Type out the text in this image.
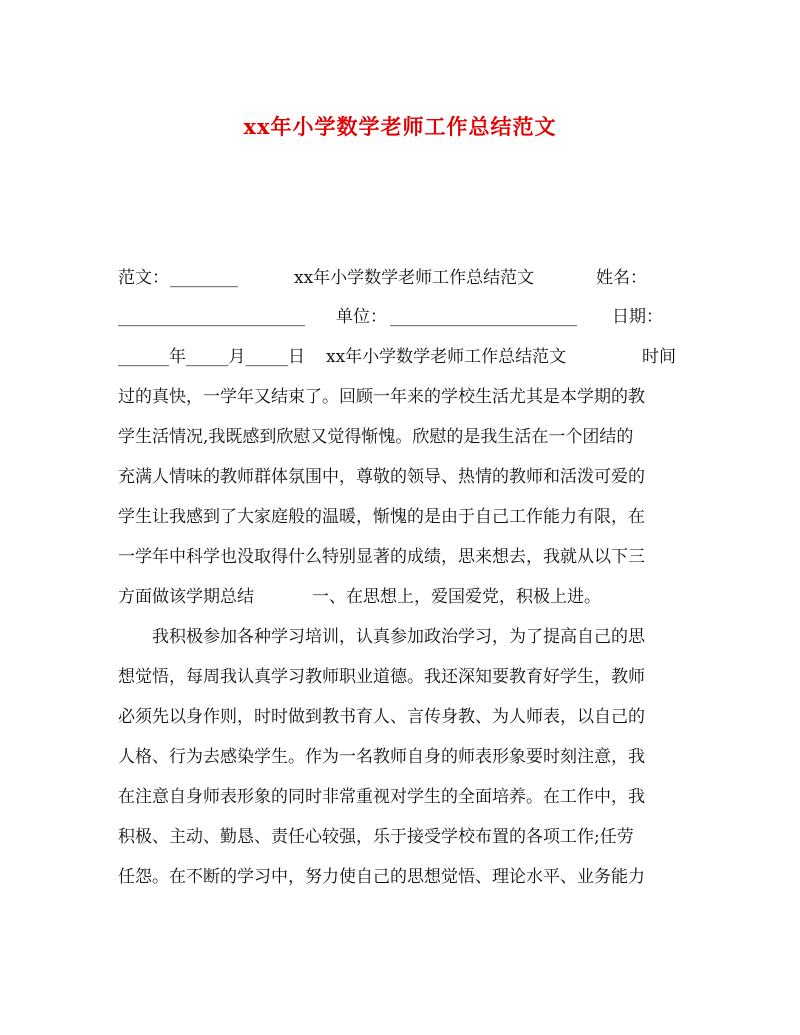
xx年小学数学老师工作总结范文
范文： ________	xx年小学数学老师工作总结范文	姓名：
______________________ 单位： ______________________ 日期：
______年_____月_____日 xx年小学数学老师工作总结范文	时间
过的真快，一学年又结束了。回顾一年来的学校生活尤其是本学期的教
学生活情况,我既感到欣慰又觉得惭愧。欣慰的是我生活在一个团结的
充满人情味的教师群体氛围中，尊敬的领导、热情的教师和活泼可爱的
学生让我感到了大家庭般的温暖，惭愧的是由于自己工作能力有限，在
一学年中科学也没取得什么特别显著的成绩，思来想去，我就从以下三
方面做该学期总结	一、在思想上，爱国爱党，积极上进。
我积极参加各种学习培训，认真参加政治学习，为了提高自己的思
想觉悟，每周我认真学习教师职业道德。我还深知要教育好学生，教师
必须先以身作则，时时做到教书育人、言传身教、为人师表，以自己的
人格、行为去感染学生。作为一名教师自身的师表形象要时刻注意，我
在注意自身师表形象的同时非常重视对学生的全面培养。在工作中，我
积极、主动、勤恳、责任心较强，乐于接受学校布置的各项工作;任劳
任怨。在不断的学习中，努力使自己的思想觉悟、理论水平、业务能力
